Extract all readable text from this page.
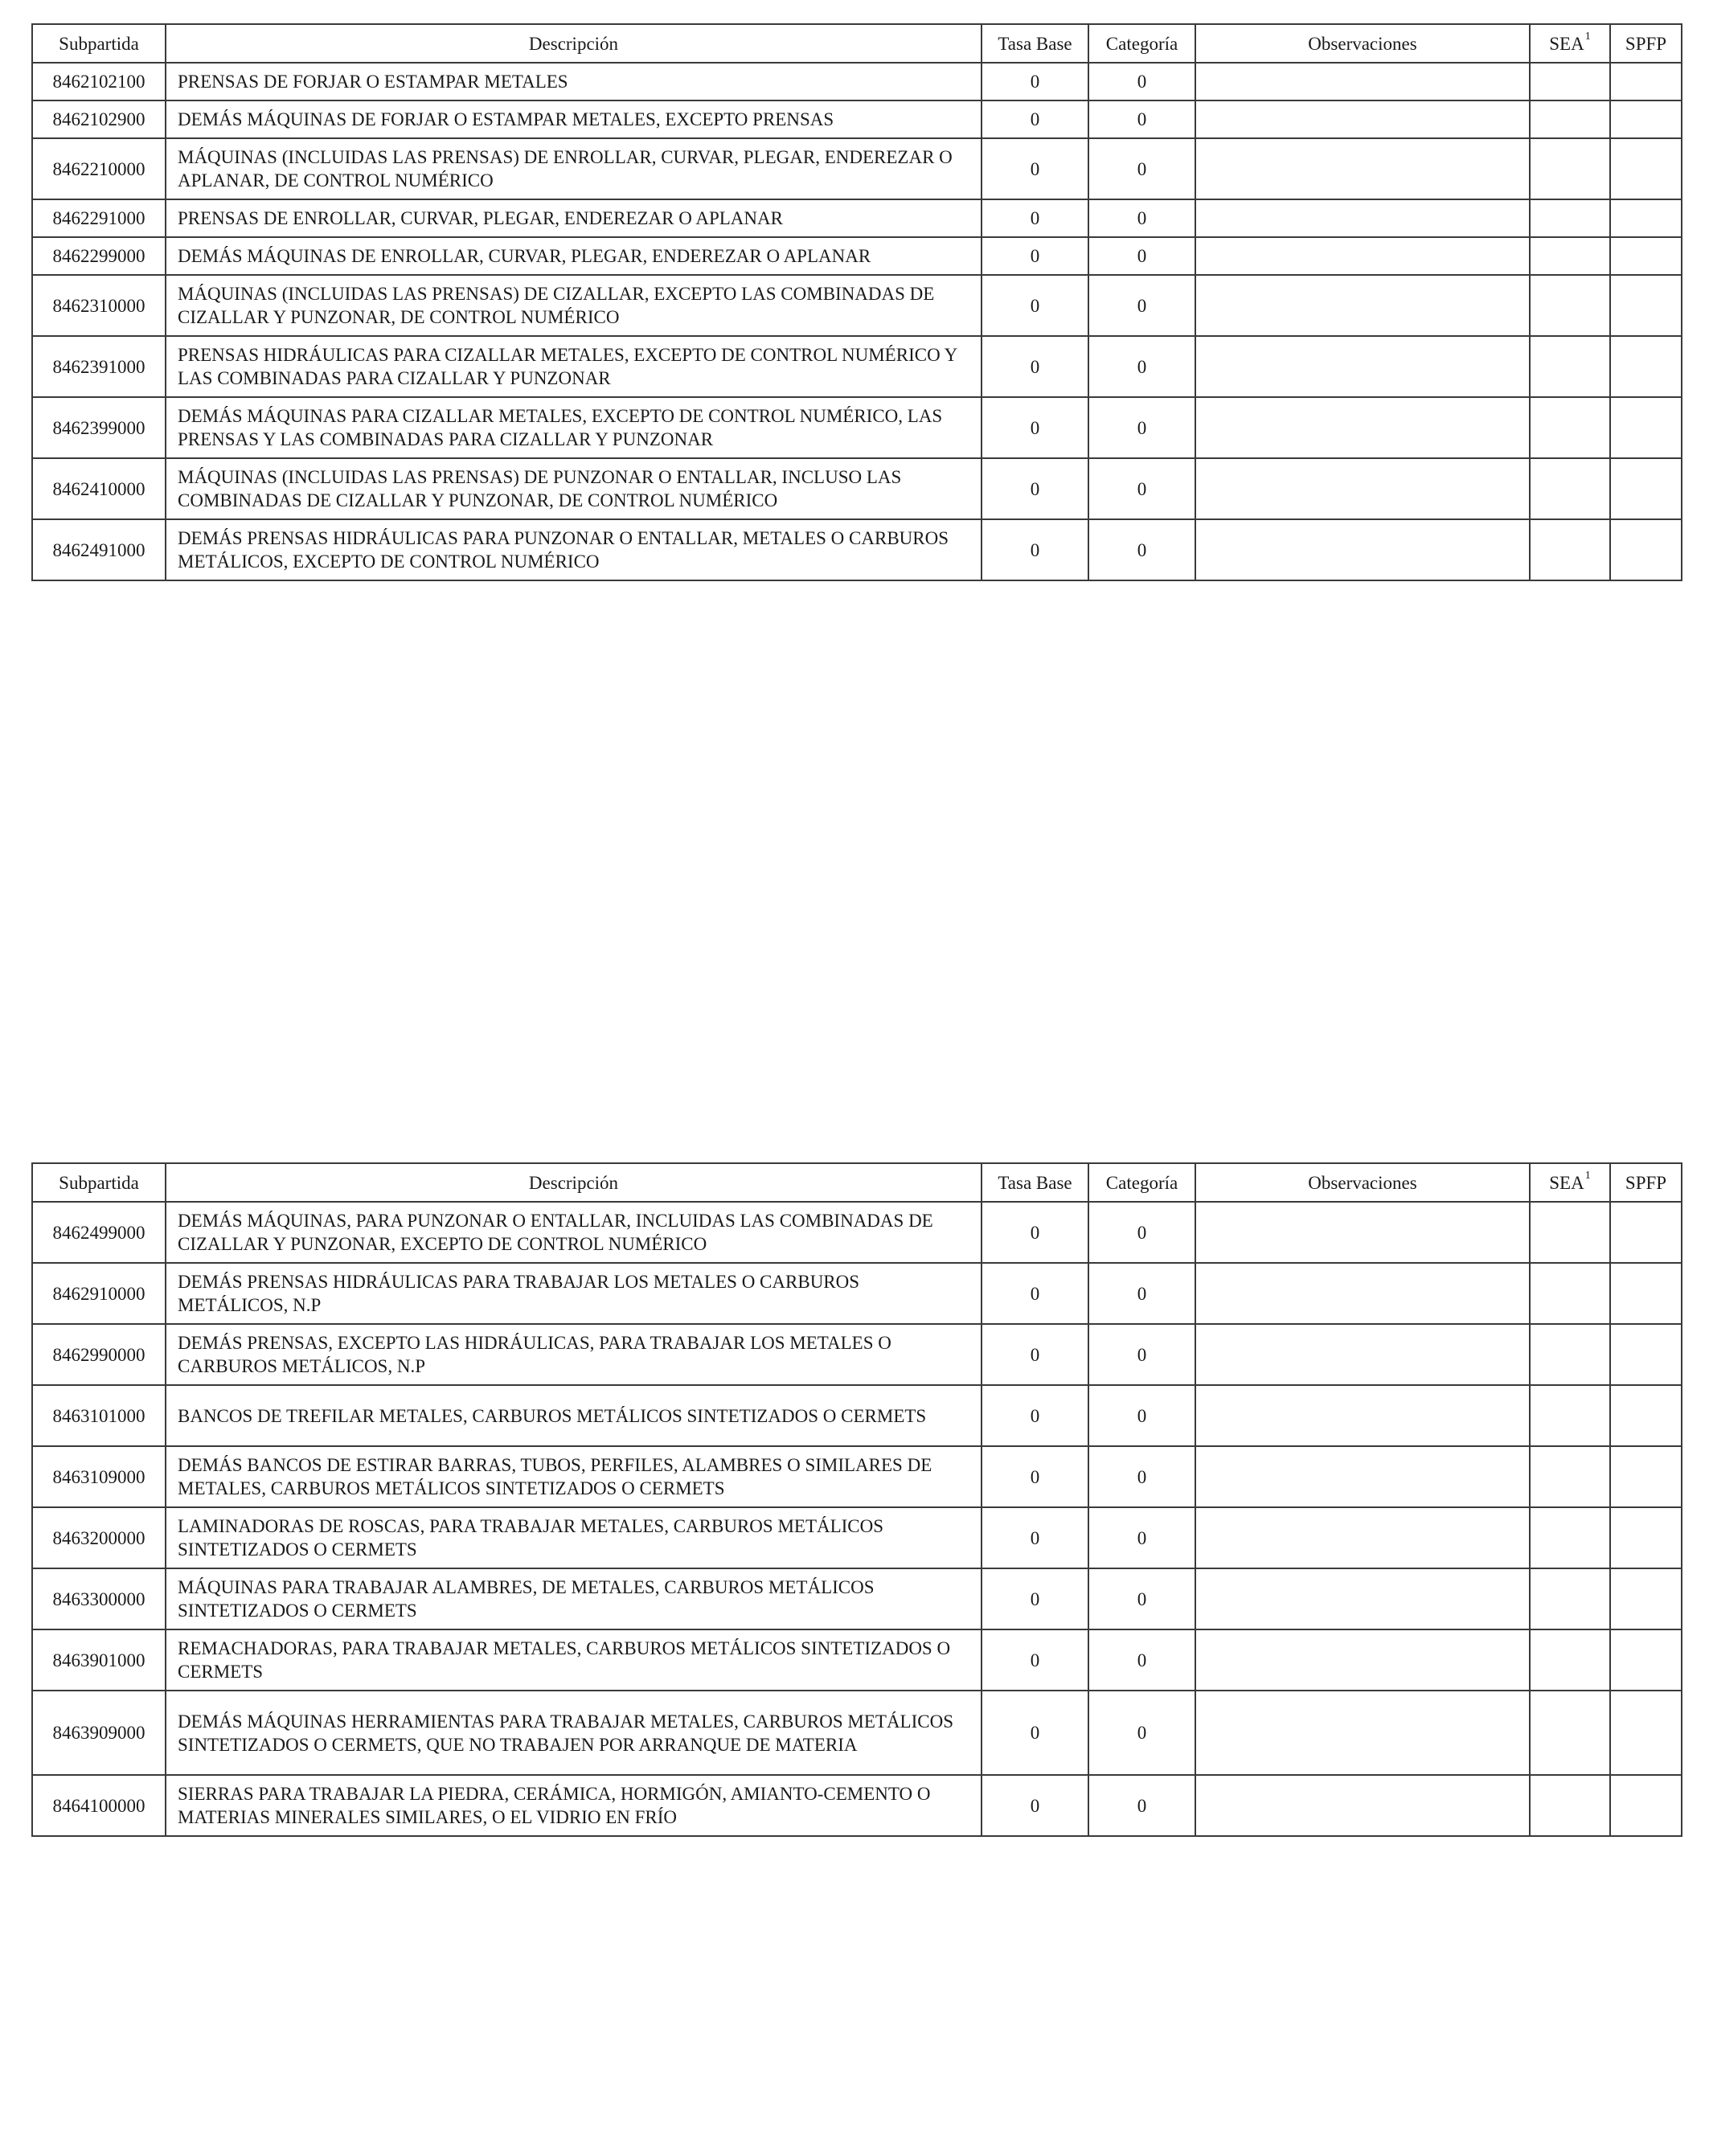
Subpartida	Descripción	Tasa Base	Categoría	Observaciones	SEA$^1$	SPFP
8462102100	PRENSAS DE FORJAR O ESTAMPAR METALES	0	0			
8462102900	DEMÁS MÁQUINAS DE FORJAR O ESTAMPAR METALES, EXCEPTO PRENSAS	0	0			
8462210000	MÁQUINAS (INCLUIDAS LAS PRENSAS) DE ENROLLAR, CURVAR, PLEGAR, ENDEREZAR O APLANAR, DE CONTROL NUMÉRICO	0	0			
8462291000	PRENSAS DE ENROLLAR, CURVAR, PLEGAR, ENDEREZAR O APLANAR	0	0			
8462299000	DEMÁS MÁQUINAS DE ENROLLAR, CURVAR, PLEGAR, ENDEREZAR O APLANAR	0	0			
8462310000	MÁQUINAS (INCLUIDAS LAS PRENSAS) DE CIZALLAR, EXCEPTO LAS COMBINADAS DE CIZALLAR Y PUNZONAR, DE CONTROL NUMÉRICO	0	0			
8462391000	PRENSAS HIDRÁULICAS PARA CIZALLAR METALES, EXCEPTO DE CONTROL NUMÉRICO Y LAS COMBINADAS PARA CIZALLAR Y PUNZONAR	0	0			
8462399000	DEMÁS MÁQUINAS PARA CIZALLAR METALES, EXCEPTO DE CONTROL NUMÉRICO, LAS PRENSAS Y LAS COMBINADAS PARA CIZALLAR Y PUNZONAR	0	0			
8462410000	MÁQUINAS (INCLUIDAS LAS PRENSAS) DE PUNZONAR O ENTALLAR, INCLUSO LAS COMBINADAS DE CIZALLAR Y PUNZONAR, DE CONTROL NUMÉRICO	0	0			
8462491000	DEMÁS PRENSAS HIDRÁULICAS PARA PUNZONAR O ENTALLAR, METALES O CARBUROS METÁLICOS, EXCEPTO DE CONTROL NUMÉRICO	0	0			
Subpartida	Descripción	Tasa Base	Categoría	Observaciones	SEA$^1$	SPFP
8462499000	DEMÁS MÁQUINAS, PARA PUNZONAR O ENTALLAR, INCLUIDAS LAS COMBINADAS DE CIZALLAR Y PUNZONAR, EXCEPTO DE CONTROL NUMÉRICO	0	0			
8462910000	DEMÁS PRENSAS HIDRÁULICAS PARA TRABAJAR LOS METALES O CARBUROS METÁLICOS, N.P	0	0			
8462990000	DEMÁS PRENSAS, EXCEPTO LAS HIDRÁULICAS, PARA TRABAJAR LOS METALES O CARBUROS METÁLICOS, N.P	0	0			
8463101000	BANCOS DE TREFILAR METALES, CARBUROS METÁLICOS SINTETIZADOS O CERMETS	0	0			
8463109000	DEMÁS BANCOS DE ESTIRAR BARRAS, TUBOS, PERFILES, ALAMBRES O SIMILARES DE METALES, CARBUROS METÁLICOS SINTETIZADOS O CERMETS	0	0			
8463200000	LAMINADORAS DE ROSCAS, PARA TRABAJAR METALES, CARBUROS METÁLICOS SINTETIZADOS O CERMETS	0	0			
8463300000	MÁQUINAS PARA TRABAJAR ALAMBRES, DE METALES, CARBUROS METÁLICOS SINTETIZADOS O CERMETS	0	0			
8463901000	REMACHADORAS, PARA TRABAJAR METALES, CARBUROS METÁLICOS SINTETIZADOS O CERMETS	0	0			
8463909000	DEMÁS MÁQUINAS HERRAMIENTAS PARA TRABAJAR METALES, CARBUROS METÁLICOS SINTETIZADOS O CERMETS, QUE NO TRABAJEN POR ARRANQUE DE MATERIA	0	0			
8464100000	SIERRAS PARA TRABAJAR LA PIEDRA, CERÁMICA, HORMIGÓN, AMIANTO-CEMENTO O MATERIAS MINERALES SIMILARES, O EL VIDRIO EN FRÍO	0	0			
